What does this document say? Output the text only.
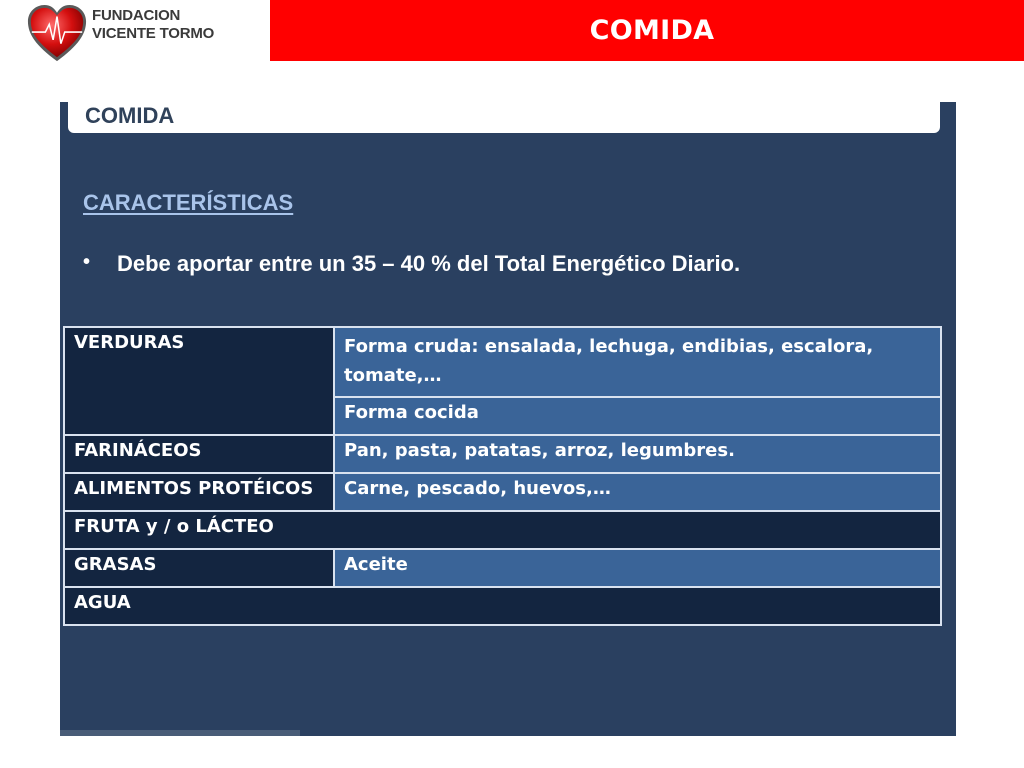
FUNDACION
VICENTE TORMO	COMIDA
COMIDA
CARACTERÍSTICAS
• Debe aportar entre un 35 – 40 % del Total Energético Diario.
VERDURAS	Forma cruda: ensalada, lechuga, endibias, escalora, tomate,…
	Forma cocida
FARINÁCEOS	Pan, pasta, patatas, arroz, legumbres.
ALIMENTOS PROTÉICOS	Carne, pescado, huevos,…
FRUTA y / o LÁCTEO	
GRASAS	Aceite
AGUA	
